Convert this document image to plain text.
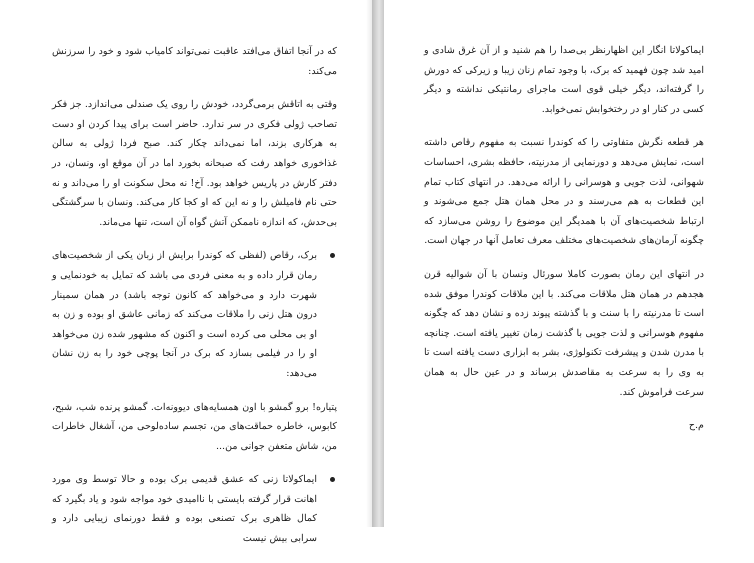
که در آنجا اتفاق می‌افتد عاقبت نمی‌تواند کامیاب شود و خود را سرزنش می‌کند:

وقتی به اتاقش برمی‌گردد، خودش را روی یک صندلی می‌اندازد. جز فکر تصاحب ژولی فکری در سر ندارد. حاضر است برای پیدا کردن او دست به هرکاری بزند، اما نمی‌داند چکار کند. صبح فردا ژولی به سالن غذاخوری خواهد رفت که صبحانه بخورد اما در آن موقع او، ونسان، در دفتر کارش در پاریس خواهد بود. آخ! نه محل سکونت او را می‌داند و نه حتی نام فامیلش را و نه این که او کجا کار می‌کند. ونسان با سرگشتگی بی‌حدش، که اندازه ناممکن آتش گواه آن است، تنها می‌ماند.

برک، رقاص (لفظی که کوندرا برایش از زبان یکی از شخصیت‌های رمان قرار داده و به معنی فردی می باشد که تمایل به خودنمایی و شهرت دارد و می‌خواهد که کانون توجه باشد) در همان سمینار درون هتل زنی را ملاقات می‌کند که زمانی عاشق او بوده و زن به او بی محلی می کرده است و اکنون که مشهور شده زن می‌خواهد او را در فیلمی بسازد که برک در آنجا پوچی خود را به زن نشان می‌دهد:

پتیاره! برو گمشو با اون همسایه‌های دیوونه‌ات. گمشو پرنده شب، شبح، کابوس، خاطره حماقت‌های من، تجسم ساده‌لوحی من، آشغال خاطرات من، شاش متعفن جوانی من...

ایماکولاتا زنی که عشق قدیمی برک بوده و حالا توسط وی مورد اهانت قرار گرفته بایستی با ناامیدی خود مواجه شود و یاد بگیرد که کمال ظاهری برک تصنعی بوده و فقط دورنمای زیبایی دارد و سرابی بیش نیست

ایماکولاتا انگار این اظهارنظر بی‌صدا را هم شنید و از آن غرق شادی و امید شد چون فهمید که برک، با وجود تمام زنان زیبا و زیرکی که دورش را گرفته‌اند، دیگر خیلی قوی است ماجرای رمانتیکی نداشته و دیگر کسی در کنار او در رختخوابش نمی‌خوابد.

هر قطعه نگرش متفاوتی را که کوندرا نسبت به مفهوم رقاص داشته است، نمایش می‌دهد و دورنمایی از مدرنیته، حافظه بشری، احساسات شهوانی، لذت جویی و هوسرانی را ارائه می‌دهد. در انتهای کتاب تمام این قطعات به هم می‌رسند و در محل همان هتل جمع می‌شوند و ارتباط شخصیت‌های آن با همدیگر این موضوع را روشن می‌سازد که چگونه آرمان‌های شخصیت‌های مختلف معرف تعامل آنها در جهان است.

در انتهای این رمان بصورت کاملا سورئال ونسان با آن شوالیه قرن هجدهم در همان هتل ملاقات می‌کند. با این ملاقات کوندرا موفق شده است تا مدرنیته را با سنت و با گذشته پیوند زده و نشان دهد که چگونه مفهوم هوسرانی و لذت جویی با گذشت زمان تغییر یافته است. چنانچه با مدرن شدن و پیشرفت تکنولوژی، بشر به ابزاری دست یافته است تا به وی را به سرعت به مقاصدش برساند و در عین حال به همان سرعت فراموش کند.

م.ح
